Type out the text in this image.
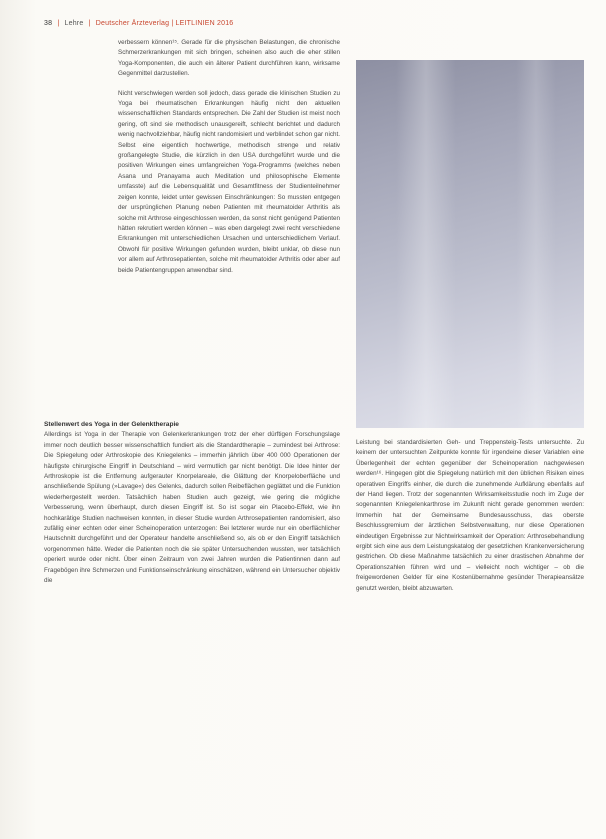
38 | Lehre | Deutscher Ärzteverlag | LEITLINIEN 2016

verbessern können¹⁵. Gerade für die physischen Belastungen, die chronische Schmerzerkrankungen mit sich bringen, scheinen also auch die eher stillen Yoga-Komponenten, die auch ein älterer Patient durchführen kann, wirksame Gegenmittel darzustellen.

Nicht verschwiegen werden soll jedoch, dass gerade die klinischen Studien zu Yoga bei rheumatischen Erkrankungen häufig nicht den aktuellen wissenschaftlichen Standards entsprechen. Die Zahl der Studien ist meist noch gering, oft sind sie methodisch unausgereift, schlecht berichtet und dadurch wenig nachvollziehbar, häufig nicht randomisiert und verblindet schon gar nicht. Selbst eine eigentlich hochwertige, methodisch strenge und relativ großangelegte Studie, die kürzlich in den USA durchgeführt wurde und die positiven Wirkungen eines umfangreichen Yoga-Programms (welches neben Asana und Pranayama auch Meditation und philosophische Elemente umfasste) auf die Lebensqualität und Gesamtfitness der Studienteilnehmer zeigen konnte, leidet unter gewissen Einschränkungen: So mussten entgegen der ursprünglichen Planung neben Patienten mit rheumatoider Arthritis als solche mit Arthrose eingeschlossen werden, da sonst nicht genügend Patienten hätten rekrutiert werden können – was eben dargelegt zwei recht verschiedene Erkrankungen mit unterschiedlichen Ursachen und unterschiedlichem Verlauf. Obwohl für positive Wirkungen gefunden wurden, bleibt unklar, ob diese nun vor allem auf Arthrosepatienten, solche mit rheumatoider Arthritis oder aber auf beide Patientengruppen anwendbar sind.

Stellenwert des Yoga in der Gelenktherapie

Allerdings ist Yoga in der Therapie von Gelenkerkrankungen trotz der eher dürftigen Forschungslage immer noch deutlich besser wissenschaftlich fundiert als die Standardtherapie – zumindest bei Arthrose: Die Spiegelung oder Arthroskopie des Kniegelenks – immerhin jährlich über 400 000 Operationen der häufigste chirurgische Eingriff in Deutschland – wird vermutlich gar nicht benötigt. Die Idee hinter der Arthroskopie ist die Entfernung aufgerauter Knorpelareale, die Glättung der Knorpeloberfläche und anschließende Spülung (»Lavage«) des Gelenks, dadurch sollen Reibeflächen geglättet und die Funktion wiederhergestellt werden. Tatsächlich haben Studien auch gezeigt, wie gering die mögliche Verbesserung, wenn überhaupt, durch diesen Eingriff ist. So ist sogar ein Placebo-Effekt, wie ihn hochkarätige Studien nachweisen konnten, in dieser Studie wurden Arthrosepatienten randomisiert, also zufällig einer echten oder einer Scheinoperation unterzogen: Bei letzterer wurde nur ein oberflächlicher Hautschnitt durchgeführt und der Operateur handelte anschließend so, als ob er den Eingriff tatsächlich vorgenommen hätte. Weder die Patienten noch die sie später Untersuchenden wussten, wer tatsächlich operiert wurde oder nicht. Über einen Zeitraum von zwei Jahren wurden die Patientinnen dann auf Fragebögen ihre Schmerzen und Funktionseinschränkung einschätzen, während ein Untersucher objektiv die

Leistung bei standardisierten Geh- und Treppensteig-Tests untersuchte. Zu keinem der untersuchten Zeitpunkte konnte für irgendeine dieser Variablen eine Überlegenheit der echten gegenüber der Scheinoperation nachgewiesen werden¹⁶. Hingegen gibt die Spiegelung natürlich mit den üblichen Risiken eines operativen Eingriffs einher, die durch die zunehmende Aufklärung ebenfalls auf der Hand liegen. Trotz der sogenannten Wirksamkeitsstudie noch im Zuge der sogenannten Kniegelenkarthrose im Zukunft nicht gerade genommen werden: Immerhin hat der Gemeinsame Bundesausschuss, das oberste Beschlussgremium der ärztlichen Selbstverwaltung, nur diese Operationen eindeutigen Ergebnisse zur Nichtwirksamkeit der Operation: Arthrosebehandlung ergibt sich eine aus dem Leistungskatalog der gesetzlichen Krankenversicherung gestrichen. Ob diese Maßnahme tatsächlich zu einer drastischen Abnahme der Operationszahlen führen wird und – vielleicht noch wichtiger – ob die freigewordenen Gelder für eine Kostenübernahme gesünder Therapieansätze genutzt werden, bleibt abzuwarten.
